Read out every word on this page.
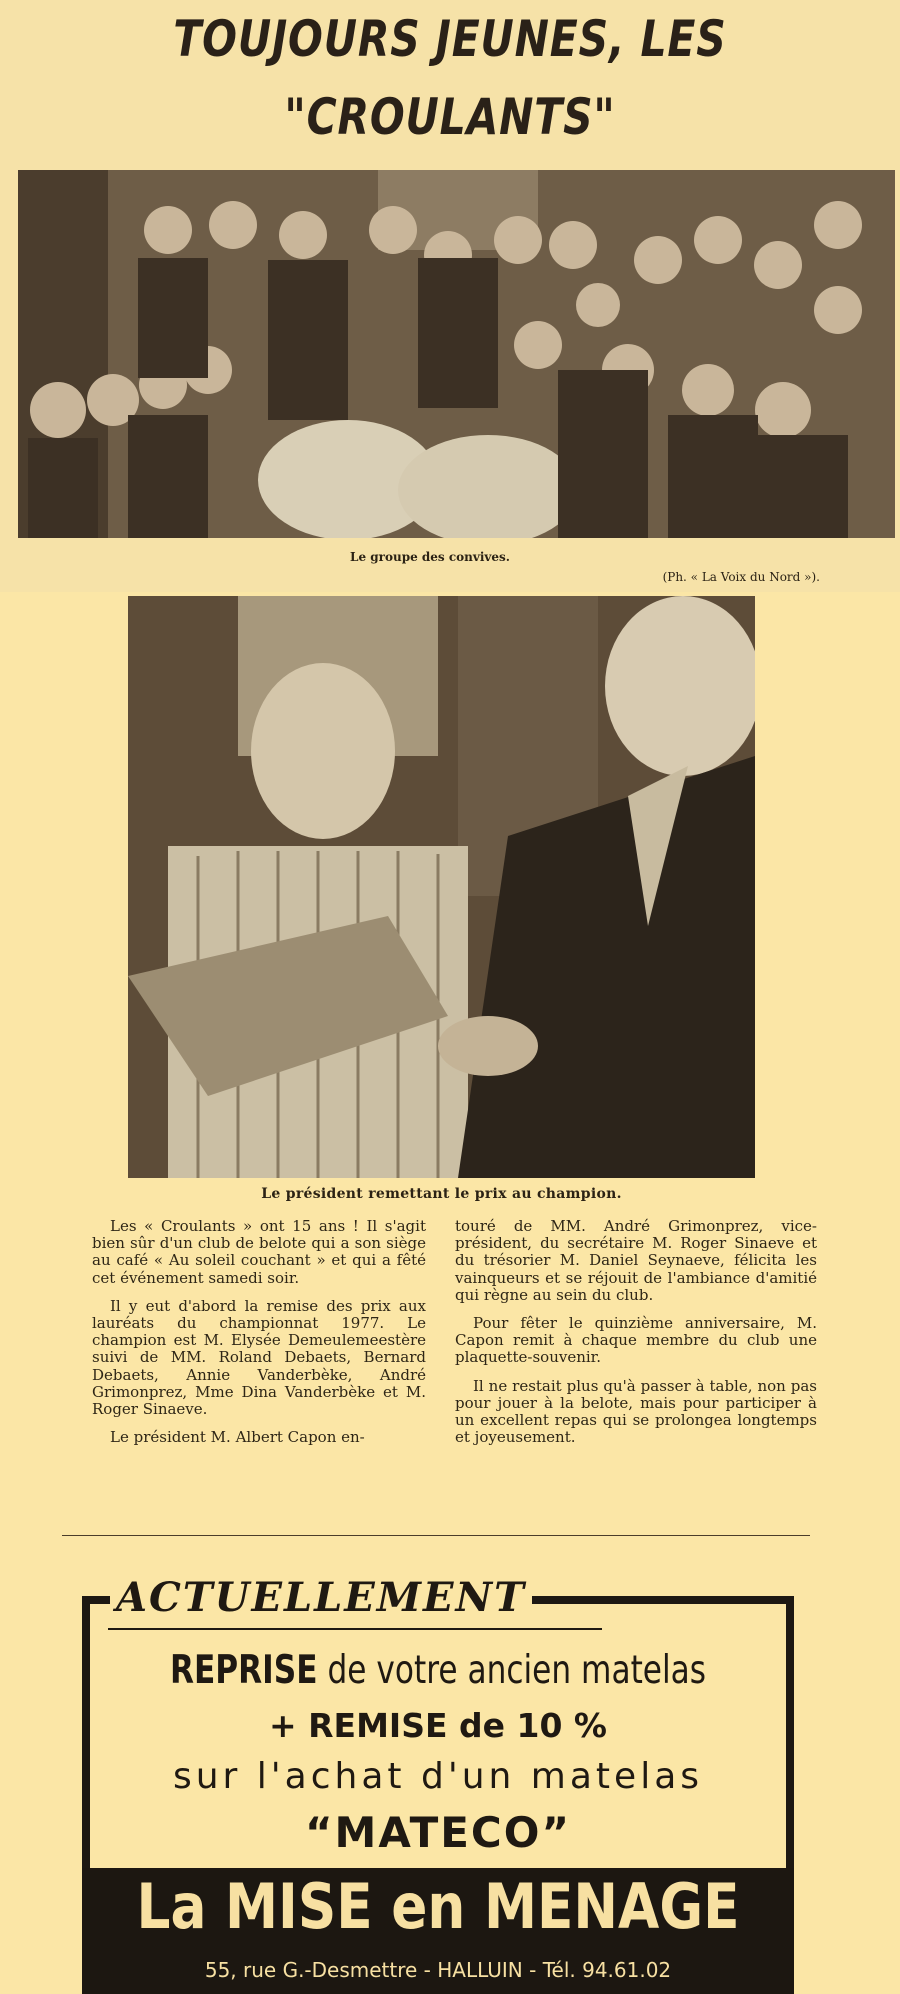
TOUJOURS JEUNES, LES "CROULANTS"
Le groupe des convives.
(Ph. « La Voix du Nord »).
Le président remettant le prix au champion.

Les « Croulants » ont 15 ans ! Il s'agit bien sûr d'un club de belote qui a son siège au café « Au soleil couchant » et qui a fêté cet événement samedi soir.

Il y eut d'abord la remise des prix aux lauréats du championnat 1977. Le champion est M. Elysée Demeulemeestère suivi de MM. Roland Debaets, Bernard Debaets, Annie Vanderbèke, André Grimonprez, Mme Dina Vanderbèke et M. Roger Sinaeve.

Le président M. Albert Capon en-

touré de MM. André Grimonprez, vice-président, du secrétaire M. Roger Sinaeve et du trésorier M. Daniel Seynaeve, félicita les vainqueurs et se réjouit de l'ambiance d'amitié qui règne au sein du club.

Pour fêter le quinzième anniversaire, M. Capon remit à chaque membre du club une plaquette-souvenir.

Il ne restait plus qu'à passer à table, non pas pour jouer à la belote, mais pour participer à un excellent repas qui se prolongea longtemps et joyeusement.

ACTUELLEMENT
REPRISE de votre ancien matelas
+ REMISE de 10 %
sur l'achat d'un matelas
“MATECO”
La MISE en MENAGE
55, rue G.-Desmettre - HALLUIN - Tél. 94.61.02
